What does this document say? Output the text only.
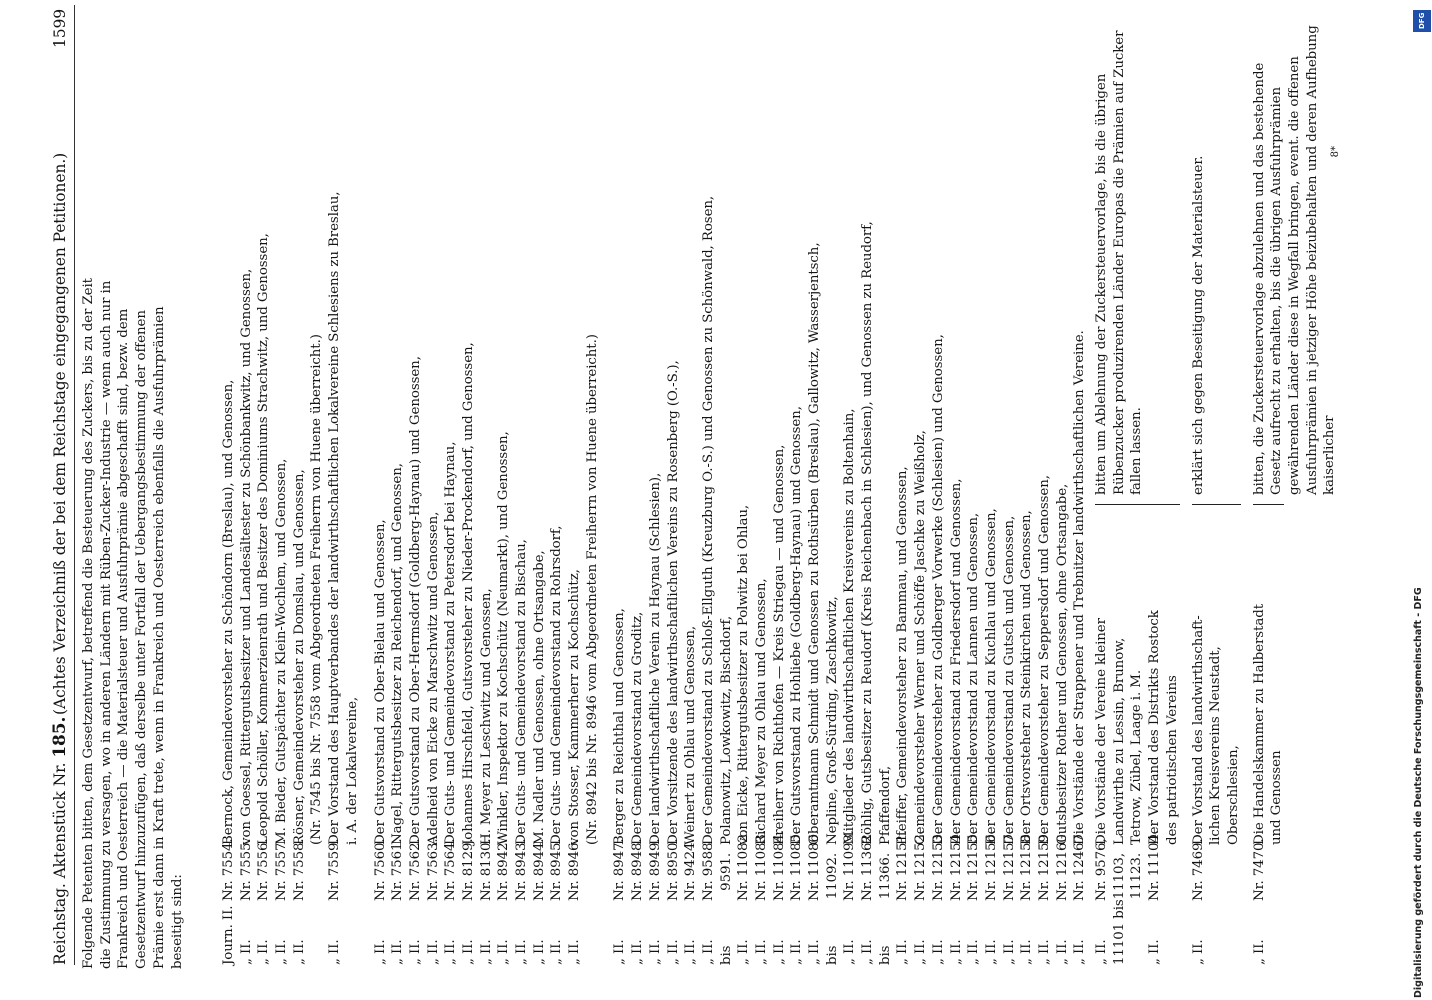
Reichstag. Aktenstück Nr. 185.
(Achtes Verzeichniß der bei dem Reichstage eingegangenen Petitionen.)
1599

Folgende Petenten bitten, dem Gesetzentwurf, betreffend die Besteuerung des Zuckers, bis zu der Zeit die Zustimmung zu versagen, wo in anderen Ländern mit Rüben-Zucker-Industrie — wenn auch nur in Frankreich und Oesterreich — die Materialsteuer und Ausfuhrprämie abgeschafft sind, bezw. dem Gesetzentwurf hinzuzufügen, daß derselbe unter Fortfall der Uebergangsbestimmung der offenen Prämie erst dann in Kraft trete, wenn in Frankreich und Oesterreich ebenfalls die Ausfuhrprämien beseitigt sind:	Journ. II.
Nr. 7554.
Bernock, Gemeindevorsteher zu Schöndorn (Breslau), und Genossen,
„ II.
Nr. 7555.
von Goessel, Rittergutsbesitzer und Landesältester zu Schönbankwitz, und Genossen,
„ II.
Nr. 7556.
Leopold Schöller, Kommerzienrath und Besitzer des Dominiums Strachwitz, und Genossen,
„ II.
Nr. 7557.
M. Bieder, Gutspächter zu Klein-Wochlem, und Genossen,
„ II.
Nr. 7558.
Rösner, Gemeindevorsteher zu Domslau, und Genossen, (Nr. 7545 bis Nr. 7558 vom Abgeordneten Freiherrn von Huene überreicht.)
„ II.
Nr. 7559.
Der Vorstand des Hauptverbandes der landwirthschaftlichen Lokalvereine Schlesiens zu Breslau, i. A. der Lokalvereine,
„ II.
Nr. 7560.
Der Gutsvorstand zu Ober-Bielau und Genossen,
„ II.
Nr. 7561.
Nagel, Rittergutsbesitzer zu Reichendorf, und Genossen,
„ II.
Nr. 7562.
Der Gutsvorstand zu Ober-Hermsdorf (Goldberg-Haynau) und Genossen,
„ II.
Nr. 7563.
Adelheid von Eicke zu Marschwitz und Genossen,
„ II.
Nr. 7564.
Der Guts- und Gemeindevorstand zu Petersdorf bei Haynau,
„ II.
Nr. 8129.
Johannes Hirschfeld, Gutsvorsteher zu Nieder-Prockendorf, und Genossen,
„ II.
Nr. 8130.
H. Meyer zu Leschwitz und Genossen,
„ II.
Nr. 8942.
Winkler, Inspektor zu Kochschütz (Neumarkt), und Genossen,
„ II.
Nr. 8943.
Der Guts- und Gemeindevorstand zu Bischau,
„ II.
Nr. 8944.
M. Nadler und Genossen, ohne Ortsangabe,
„ II.
Nr. 8945.
Der Guts- und Gemeindevorstand zu Rohrsdorf,
„ II.
Nr. 8946.
von Stosser, Kammerherr zu Kochschütz, (Nr. 8942 bis Nr. 8946 vom Abgeordneten Freiherrn von Huene überreicht.)
„ II.
Nr. 8947.
Berger zu Reichthal und Genossen,
„ II.
Nr. 8948.
Der Gemeindevorstand zu Groditz,
„ II.
Nr. 8949.
Der landwirthschaftliche Verein zu Haynau (Schlesien),
„ II.
Nr. 8950.
Der Vorsitzende des landwirthschaftlichen Vereins zu Rosenberg (O.-S.),
„ II.
Nr. 9424.
Weinert zu Ohlau und Genossen,
„ II.
Nr. 9588
Der Gemeindevorstand zu Schloß-Ellguth (Kreuzburg O.-S.) und Genossen zu Schönwald, Rosen,
bis
9591.
Polanowitz, Lowkowitz, Bischdorf,
„ II.
Nr. 11082.
von Eicke, Rittergutsbesitzer zu Polwitz bei Ohlau,
„ II.
Nr. 11083.
Richard Meyer zu Ohlau und Genossen,
„ II.
Nr. 11084.
Freiherr von Richthofen — Kreis Striegau — und Genossen,
„ II.
Nr. 11085.
Der Gutsvorstand zu Hohliebe (Goldberg-Haynau) und Genossen,
„ II.
Nr. 11086
Oberamtmann Schmidt und Genossen zu Rothsürben (Breslau), Gallowitz, Wasserjentsch,
bis
11092.
Nepline, Groß-Sürding, Zaschkowitz,
„ II.
Nr. 11093.
Mitglieder des landwirthschaftlichen Kreisvereins zu Boltenhain,
„ II.
Nr. 11362
Röhlig, Gutsbesitzer zu Reudorf (Kreis Reichenbach in Schlesien), und Genossen zu Reudorf,
bis
11366.
Pfaffendorf,
„ II.
Nr. 12151.
Pfeiffer, Gemeindevorsteher zu Bammau, und Genossen,
„ II.
Nr. 12152.
Gemeindevorsteher Werner und Schöffe Jaschke zu Weißholz,
„ II.
Nr. 12153.
Der Gemeindevorsteher zu Goldberger Vorwerke (Schlesien) und Genossen,
„ II.
Nr. 12154.
Der Gemeindevorstand zu Friedersdorf und Genossen,
„ II.
Nr. 12155.
Der Gemeindevorstand zu Lannen und Genossen,
„ II.
Nr. 12156.
Der Gemeindevorstand zu Kuchlau und Genossen,
„ II.
Nr. 12157.
Der Gemeindevorstand zu Gutsch und Genossen,
„ II.
Nr. 12158.
Der Ortsvorsteher zu Steinkirchen und Genossen,
„ II.
Nr. 12159.
Der Gemeindevorsteher zu Seppersdorf und Genossen,
„ II.
Nr. 12160.
Gutsbesitzer Rother und Genossen, ohne Ortsangabe,
„ II.
Nr. 12467.
Die Vorstände der Strappener und Trebnitzer landwirthschaftlichen Vereine.
„ II.
Nr. 9576,
Die Vorstände der Vereine kleiner
11101 bis
11103,
Landwirthe zu Lessin, Brunow,
11123.
Tetrow, Zübel, Laage i. M.
„ II.
Nr. 11104.
Der Vorstand des Distrikts Rostock des patriotischen Vereins
bitten um Ablehnung der Zuckersteuervorlage, bis die übrigen Rübenzucker produzirenden Länder Europas die Prämien auf Zucker fallen lassen.
„ II.
Nr. 7469.
Der Vorstand des landwirthschaft- lichen Kreisvereins Neustadt, Oberschlesien,
erklärt sich gegen Beseitigung der Materialsteuer.
„ II.
Nr. 7470.
Die Handelskammer zu Halberstadt und Genossen
bitten, die Zuckersteuervorlage abzulehnen und das bestehende Gesetz aufrecht zu erhalten, bis die übrigen Ausfuhrprämien gewährenden Länder diese in Wegfall bringen, event. die offenen Ausfuhrprämien in jetziger Höhe beizubehalten und deren Aufhebung kaiserlicher
8*
DFG
Digitalisierung gefördert durch die Deutsche Forschungsgemeinschaft - DFG
